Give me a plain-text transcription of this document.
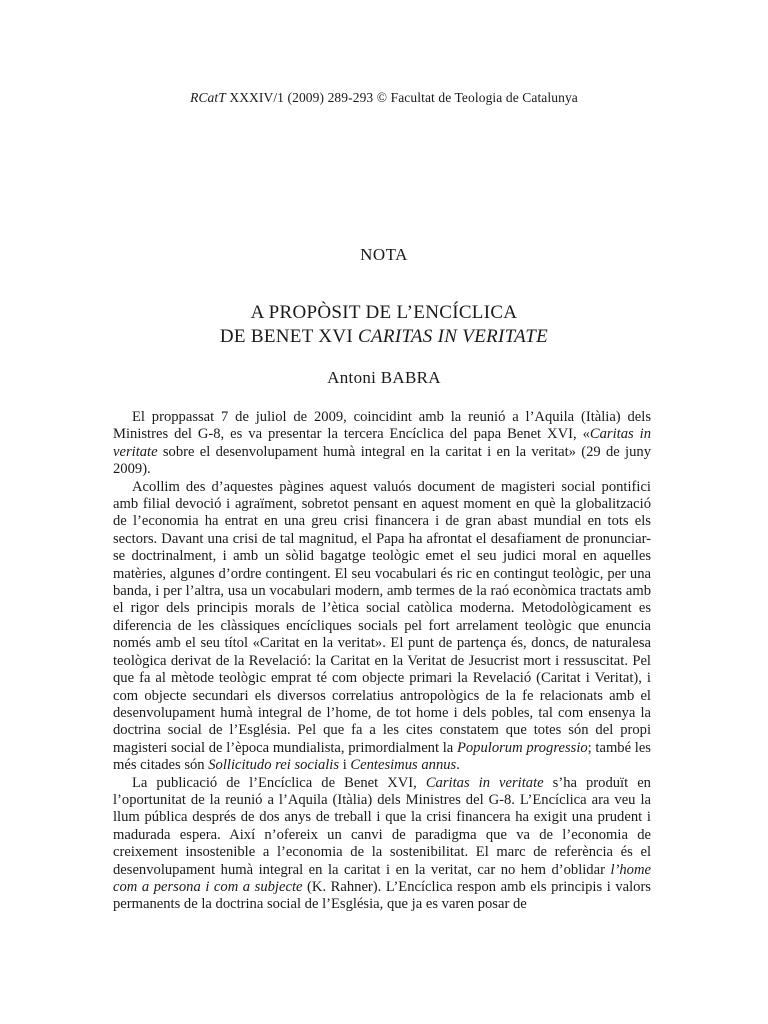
RCatT XXXIV/1 (2009) 289-293 © Facultat de Teologia de Catalunya
NOTA
A PROPÒSIT DE L’ENCÍCLICA
DE BENET XVI CARITAS IN VERITATE
Antoni BABRA

El proppassat 7 de juliol de 2009, coincidint amb la reunió a l’Aquila (Itàlia) dels Ministres del G-8, es va presentar la tercera Encíclica del papa Benet XVI, «Caritas in veritate sobre el desenvolupament humà integral en la caritat i en la veritat» (29 de juny 2009).

Acollim des d’aquestes pàgines aquest valuós document de magisteri social pontifici amb filial devoció i agraïment, sobretot pensant en aquest moment en què la globalització de l’economia ha entrat en una greu crisi financera i de gran abast mundial en tots els sectors. Davant una crisi de tal magnitud, el Papa ha afrontat el desafiament de pronunciar-se doctrinalment, i amb un sòlid bagatge teològic emet el seu judici moral en aquelles matèries, algunes d’ordre contingent. El seu vocabulari és ric en contingut teològic, per una banda, i per l’altra, usa un vocabulari modern, amb termes de la raó econòmica tractats amb el rigor dels principis morals de l’ètica social catòlica moderna. Metodològicament es diferencia de les clàssiques encícliques socials pel fort arrelament teològic que enuncia només amb el seu títol «Caritat en la veritat». El punt de partença és, doncs, de naturalesa teològica derivat de la Revelació: la Caritat en la Veritat de Jesucrist mort i ressuscitat. Pel que fa al mètode teològic emprat té com objecte primari la Revelació (Caritat i Veritat), i com objecte secundari els diversos correlatius antropològics de la fe relacionats amb el desenvolupament humà integral de l’home, de tot home i dels pobles, tal com ensenya la doctrina social de l’Església. Pel que fa a les cites constatem que totes són del propi magisteri social de l’època mundialista, primordialment la Populorum progressio; també les més citades són Sollicitudo rei socialis i Centesimus annus.

La publicació de l’Encíclica de Benet XVI, Caritas in veritate s’ha produït en l’oportunitat de la reunió a l’Aquila (Itàlia) dels Ministres del G-8. L’Encíclica ara veu la llum pública després de dos anys de treball i que la crisi financera ha exigit una prudent i madurada espera. Així n’ofereix un canvi de paradigma que va de l’economia de creixement insostenible a l’economia de la sostenibilitat. El marc de referència és el desenvolupament humà integral en la caritat i en la veritat, car no hem d’oblidar l’home com a persona i com a subjecte (K. Rahner). L’Encíclica respon amb els principis i valors permanents de la doctrina social de l’Església, que ja es varen posar de
